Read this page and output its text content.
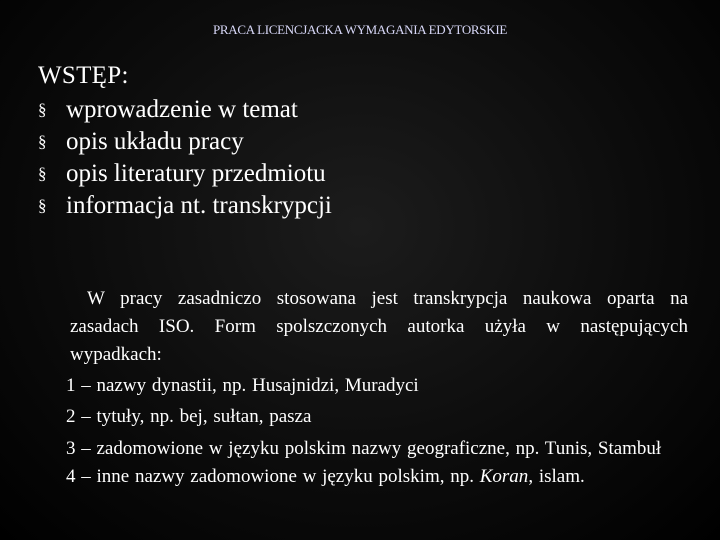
PRACA LICENCJACKA WYMAGANIA EDYTORSKIE
WSTĘP:
§ wprowadzenie w temat
§ opis układu pracy
§ opis literatury przedmiotu
§ informacja nt. transkrypcji

W pracy zasadniczo stosowana jest transkrypcja naukowa oparta na zasadach ISO. Form spolszczonych autorka użyła w następujących wypadkach:

1 – nazwy dynastii, np. Husajnidzi, Muradyci

2 – tytuły, np. bej, sułtan, pasza

3 – zadomowione w języku polskim nazwy geograficzne, np. Tunis, Stambuł

4 – inne nazwy zadomowione w języku polskim, np. Koran, islam.
